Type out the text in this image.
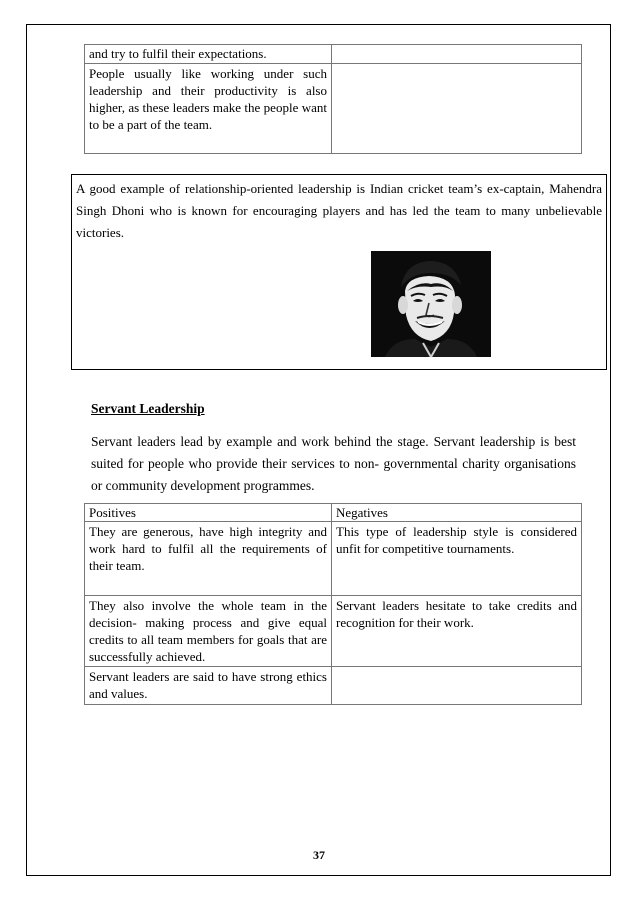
and try to fulfil their expectations.	
People usually like working under such leadership and their productivity is also higher, as these leaders make the people want to be a part of the team.	
A good example of relationship-oriented leadership is Indian cricket team’s ex-captain, Mahendra Singh Dhoni who is known for encouraging players and has led the team to many unbelievable victories.
Servant Leadership
Servant leaders lead by example and work behind the stage. Servant leadership is best suited for people who provide their services to non- governmental charity organisations or community development programmes.
Positives	Negatives
They are generous, have high integrity and work hard to fulfil all the requirements of their team.	This type of leadership style is considered unfit for competitive tournaments.
They also involve the whole team in the decision- making process and give equal credits to all team members for goals that are successfully achieved.	Servant leaders hesitate to take credits and recognition for their work.
Servant leaders are said to have strong ethics and values.	
37
